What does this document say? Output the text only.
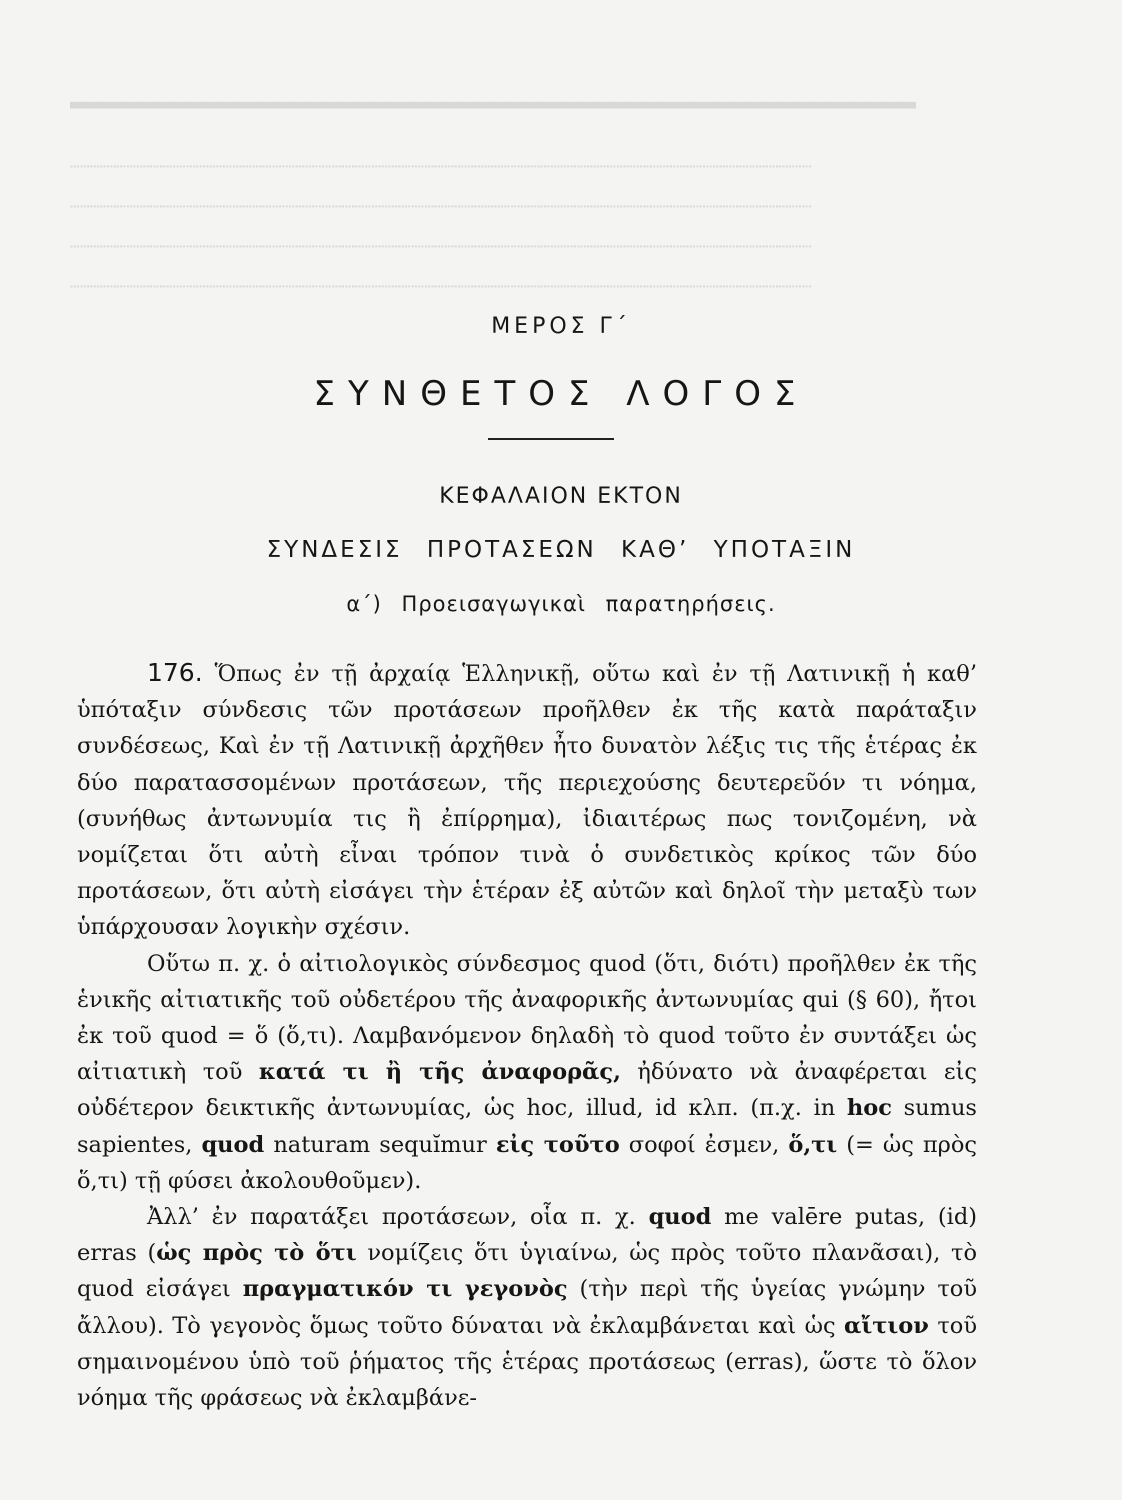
▂▂▂▂▂▂▂▂▂▂▂▂▂▂▂▂▂▂▂▂▂▂▂▂▂▂▂▂▂▂▂▂▂▂▂▂▂▂▂▂▂▂▂▂▂▂▂▂▂▂
┈┈┈┈┈┈┈┈┈┈┈┈┈┈┈┈┈┈┈┈┈┈┈┈┈┈┈┈┈┈┈┈┈┈┈┈┈┈┈┈┈┈┈┈┈┈┈┈┈┈┈┈┈┈┈┈
┈┈┈┈┈┈┈┈┈┈┈┈┈┈┈┈┈┈┈┈┈┈┈┈┈┈┈┈┈┈┈┈┈┈┈┈┈┈┈┈┈┈┈┈┈┈┈┈┈┈┈┈┈┈┈┈
┈┈┈┈┈┈┈┈┈┈┈┈┈┈┈┈┈┈┈┈┈┈┈┈┈┈┈┈┈┈┈┈┈┈┈┈┈┈┈┈┈┈┈┈┈┈┈┈┈┈┈┈┈┈┈┈
┈┈┈┈┈┈┈┈┈┈┈┈┈┈┈┈┈┈┈┈┈┈┈┈┈┈┈┈┈┈┈┈┈┈┈┈┈┈┈┈┈┈┈┈┈┈┈┈┈┈┈┈┈┈┈┈
ΜΕΡΟΣ Γ΄
ΣΥΝΘΕΤΟΣ ΛΟΓΟΣ
ΚΕΦΑΛΑΙΟΝ ΕΚΤΟΝ
ΣΥΝΔΕΣΙΣ ΠΡΟΤΑΣΕΩΝ ΚΑΘ’ ΥΠΟΤΑΞΙΝ
α΄) Προεισαγωγικαὶ παρατηρήσεις.

176. Ὅπως ἐν τῇ ἀρχαίᾳ Ἑλληνικῇ, οὕτω καὶ ἐν τῇ Λατινικῇ ἡ καθ’ ὑπόταξιν σύνδεσις τῶν προτάσεων προῆλθεν ἐκ τῆς κατὰ παράταξιν συνδέσεως, Καὶ ἐν τῇ Λατινικῇ ἀρχῆθεν ἦτο δυνατὸν λέξις τις τῆς ἑτέρας ἐκ δύο παρατασσομένων προτάσεων, τῆς περιεχούσης δευτερεῦόν τι νόημα, (συνήθως ἀντωνυμία τις ἢ ἐπίρρημα), ἰδιαιτέρως πως τονιζομένη, νὰ νομίζεται ὅτι αὐτὴ εἶναι τρόπον τινὰ ὁ συνδετικὸς κρίκος τῶν δύο προτάσεων, ὅτι αὐτὴ εἰσάγει τὴν ἑτέραν ἐξ αὐτῶν καὶ δηλοῖ τὴν μεταξὺ των ὑπάρχουσαν λογικὴν σχέσιν.

Οὕτω π. χ. ὁ αἰτιολογικὸς σύνδεσμος quod (ὅτι, διότι) προῆλθεν ἐκ τῆς ἑνικῆς αἰτιατικῆς τοῦ οὐδετέρου τῆς ἀναφορικῆς ἀντωνυμίας qui (§ 60), ἤτοι ἐκ τοῦ quod = ὅ (ὅ,τι). Λαμβανόμενον δηλαδὴ τὸ quod τοῦτο ἐν συντάξει ὡς αἰτιατικὴ τοῦ κατά τι ἢ τῆς ἀναφορᾶς, ἠδύνατο νὰ ἀναφέρεται εἰς οὐδέτερον δεικτικῆς ἀντωνυμίας, ὡς hoc, illud, id κλπ. (π.χ. in hoc sumus sapientes, quod naturam sequĭmur εἰς τοῦτο σοφοί ἐσμεν, ὅ,τι (= ὡς πρὸς ὅ,τι) τῇ φύσει ἀκολουθοῦμεν).

Ἀλλ’ ἐν παρατάξει προτάσεων, οἷα π. χ. quod me valēre putas, (id) erras (ὡς πρὸς τὸ ὅτι νομίζεις ὅτι ὑγιαίνω, ὡς πρὸς τοῦτο πλανᾶσαι), τὸ quod εἰσάγει πραγματικόν τι γεγονὸς (τὴν περὶ τῆς ὑγείας γνώμην τοῦ ἄλλου). Τὸ γεγονὸς ὅμως τοῦτο δύναται νὰ ἐκλαμβάνεται καὶ ὡς αἴτιον τοῦ σημαινομένου ὑπὸ τοῦ ῥήματος τῆς ἑτέρας προτάσεως (erras), ὥστε τὸ ὅλον νόημα τῆς φράσεως νὰ ἐκλαμβάνε-
